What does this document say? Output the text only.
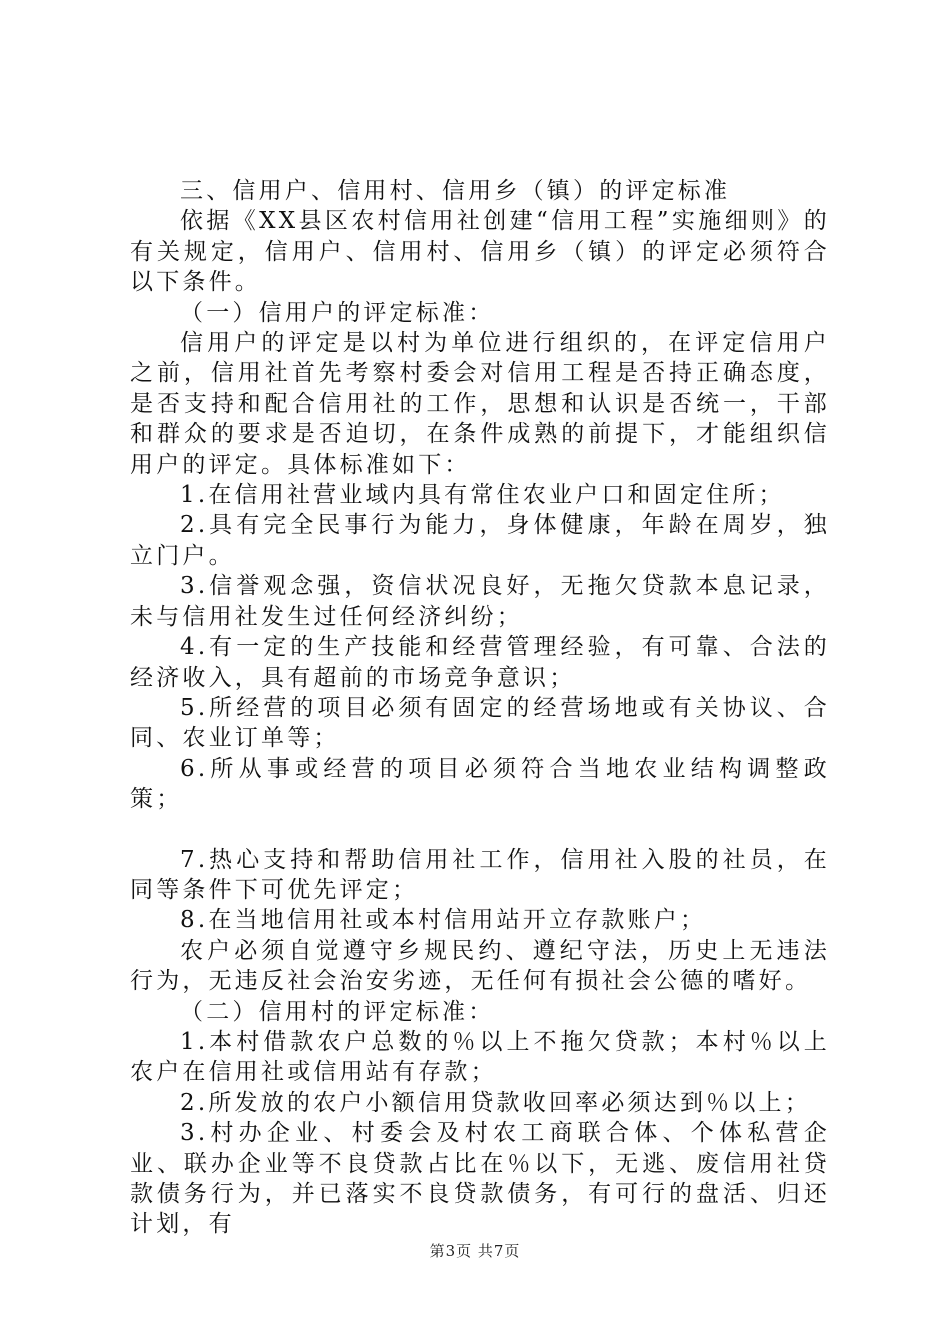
三、信用户、信用村、信用乡（镇）的评定标准

依据《XX县区农村信用社创建“信用工程”实施细则》的有关规定，信用户、信用村、信用乡（镇）的评定必须符合以下条件。

（一）信用户的评定标准：

信用户的评定是以村为单位进行组织的，在评定信用户之前，信用社首先考察村委会对信用工程是否持正确态度，是否支持和配合信用社的工作，思想和认识是否统一，干部和群众的要求是否迫切，在条件成熟的前提下，才能组织信用户的评定。具体标准如下：

1.在信用社营业域内具有常住农业户口和固定住所；

2.具有完全民事行为能力，身体健康，年龄在周岁，独立门户。

3.信誉观念强，资信状况良好，无拖欠贷款本息记录，未与信用社发生过任何经济纠纷；

4.有一定的生产技能和经营管理经验，有可靠、合法的经济收入，具有超前的市场竞争意识；

5.所经营的项目必须有固定的经营场地或有关协议、合同、农业订单等；

6.所从事或经营的项目必须符合当地农业结构调整政策；

7.热心支持和帮助信用社工作，信用社入股的社员，在同等条件下可优先评定；

8.在当地信用社或本村信用站开立存款账户；

农户必须自觉遵守乡规民约、遵纪守法，历史上无违法行为，无违反社会治安劣迹，无任何有损社会公德的嗜好。

（二）信用村的评定标准：

1.本村借款农户总数的％以上不拖欠贷款；本村％以上农户在信用社或信用站有存款；

2.所发放的农户小额信用贷款收回率必须达到％以上；

3.村办企业、村委会及村农工商联合体、个体私营企业、联办企业等不良贷款占比在％以下，无逃、废信用社贷款债务行为，并已落实不良贷款债务，有可行的盘活、归还计划，有

第3页 共7页
